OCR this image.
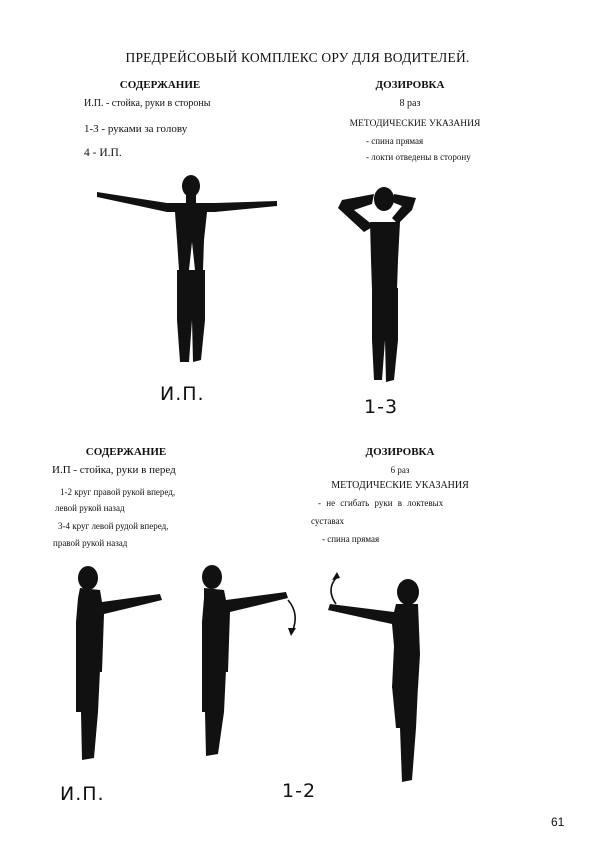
ПРЕДРЕЙСОВЫЙ КОМПЛЕКС ОРУ ДЛЯ ВОДИТЕЛЕЙ.
СОДЕРЖАНИЕ
И.П. - стойка, руки в стороны
1-3 - руками за голову
4 - И.П.
ДОЗИРОВКА
8 раз
МЕТОДИЧЕСКИЕ УКАЗАНИЯ
- спина прямая
- локти отведены в сторону
И.П.
1-3
СОДЕРЖАНИЕ
И.П - стойка, руки в перед
1-2 круг правой рукой вперед,
левой рукой назад
3-4 круг левой рудой вперед,
правой рукой назад
ДОЗИРОВКА
6 раз
МЕТОДИЧЕСКИЕ УКАЗАНИЯ
- не сгибать руки в локтевых
суставах
- спина прямая
И.П.	1-2
61
